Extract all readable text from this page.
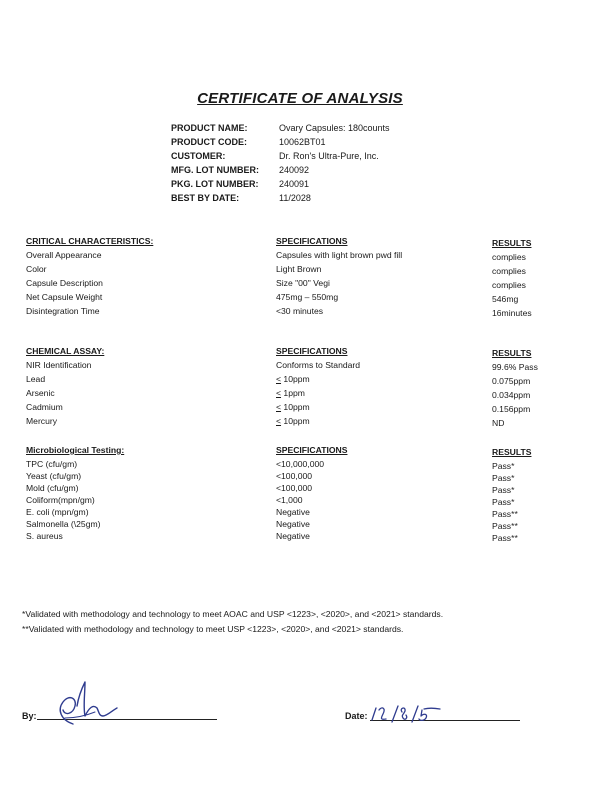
CERTIFICATE OF ANALYSIS
PRODUCT NAME:	Ovary Capsules: 180counts
PRODUCT CODE:	10062BT01
CUSTOMER:	Dr. Ron's Ultra-Pure, Inc.
MFG. LOT NUMBER: 240092
PKG. LOT NUMBER: 240091
BEST BY DATE:	11/2028
CRITICAL CHARACTERISTICS:	SPECIFICATIONS	RESULTS
Overall Appearance	Capsules with light brown pwd fill	complies
Color	Light Brown	complies
Capsule Description	Size "00" Vegi	complies
Net Capsule Weight	475mg – 550mg	546mg
Disintegration Time	<30 minutes	16minutes
CHEMICAL ASSAY:	SPECIFICATIONS	RESULTS
NIR Identification	Conforms to Standard	99.6% Pass
Lead	≤ 10ppm	0.075ppm
Arsenic	≤ 1ppm	0.034ppm
Cadmium	≤ 10ppm	0.156ppm
Mercury	≤ 10ppm	ND
Microbiological Testing:	SPECIFICATIONS	RESULTS
TPC (cfu/gm)	<10,000,000	Pass*
Yeast (cfu/gm)	<100,000	Pass*
Mold (cfu/gm)	<100,000	Pass*
Coliform(mpn/gm)	<1,000	Pass*
E. coli (mpn/gm)	Negative	Pass**
Salmonella (\25gm)	Negative	Pass**
S. aureus	Negative	Pass**
*Validated with methodology and technology to meet AOAC and USP <1223>, <2020>, and <2021> standards.
**Validated with methodology and technology to meet USP <1223>, <2020>, and <2021> standards.
By:	Date:
